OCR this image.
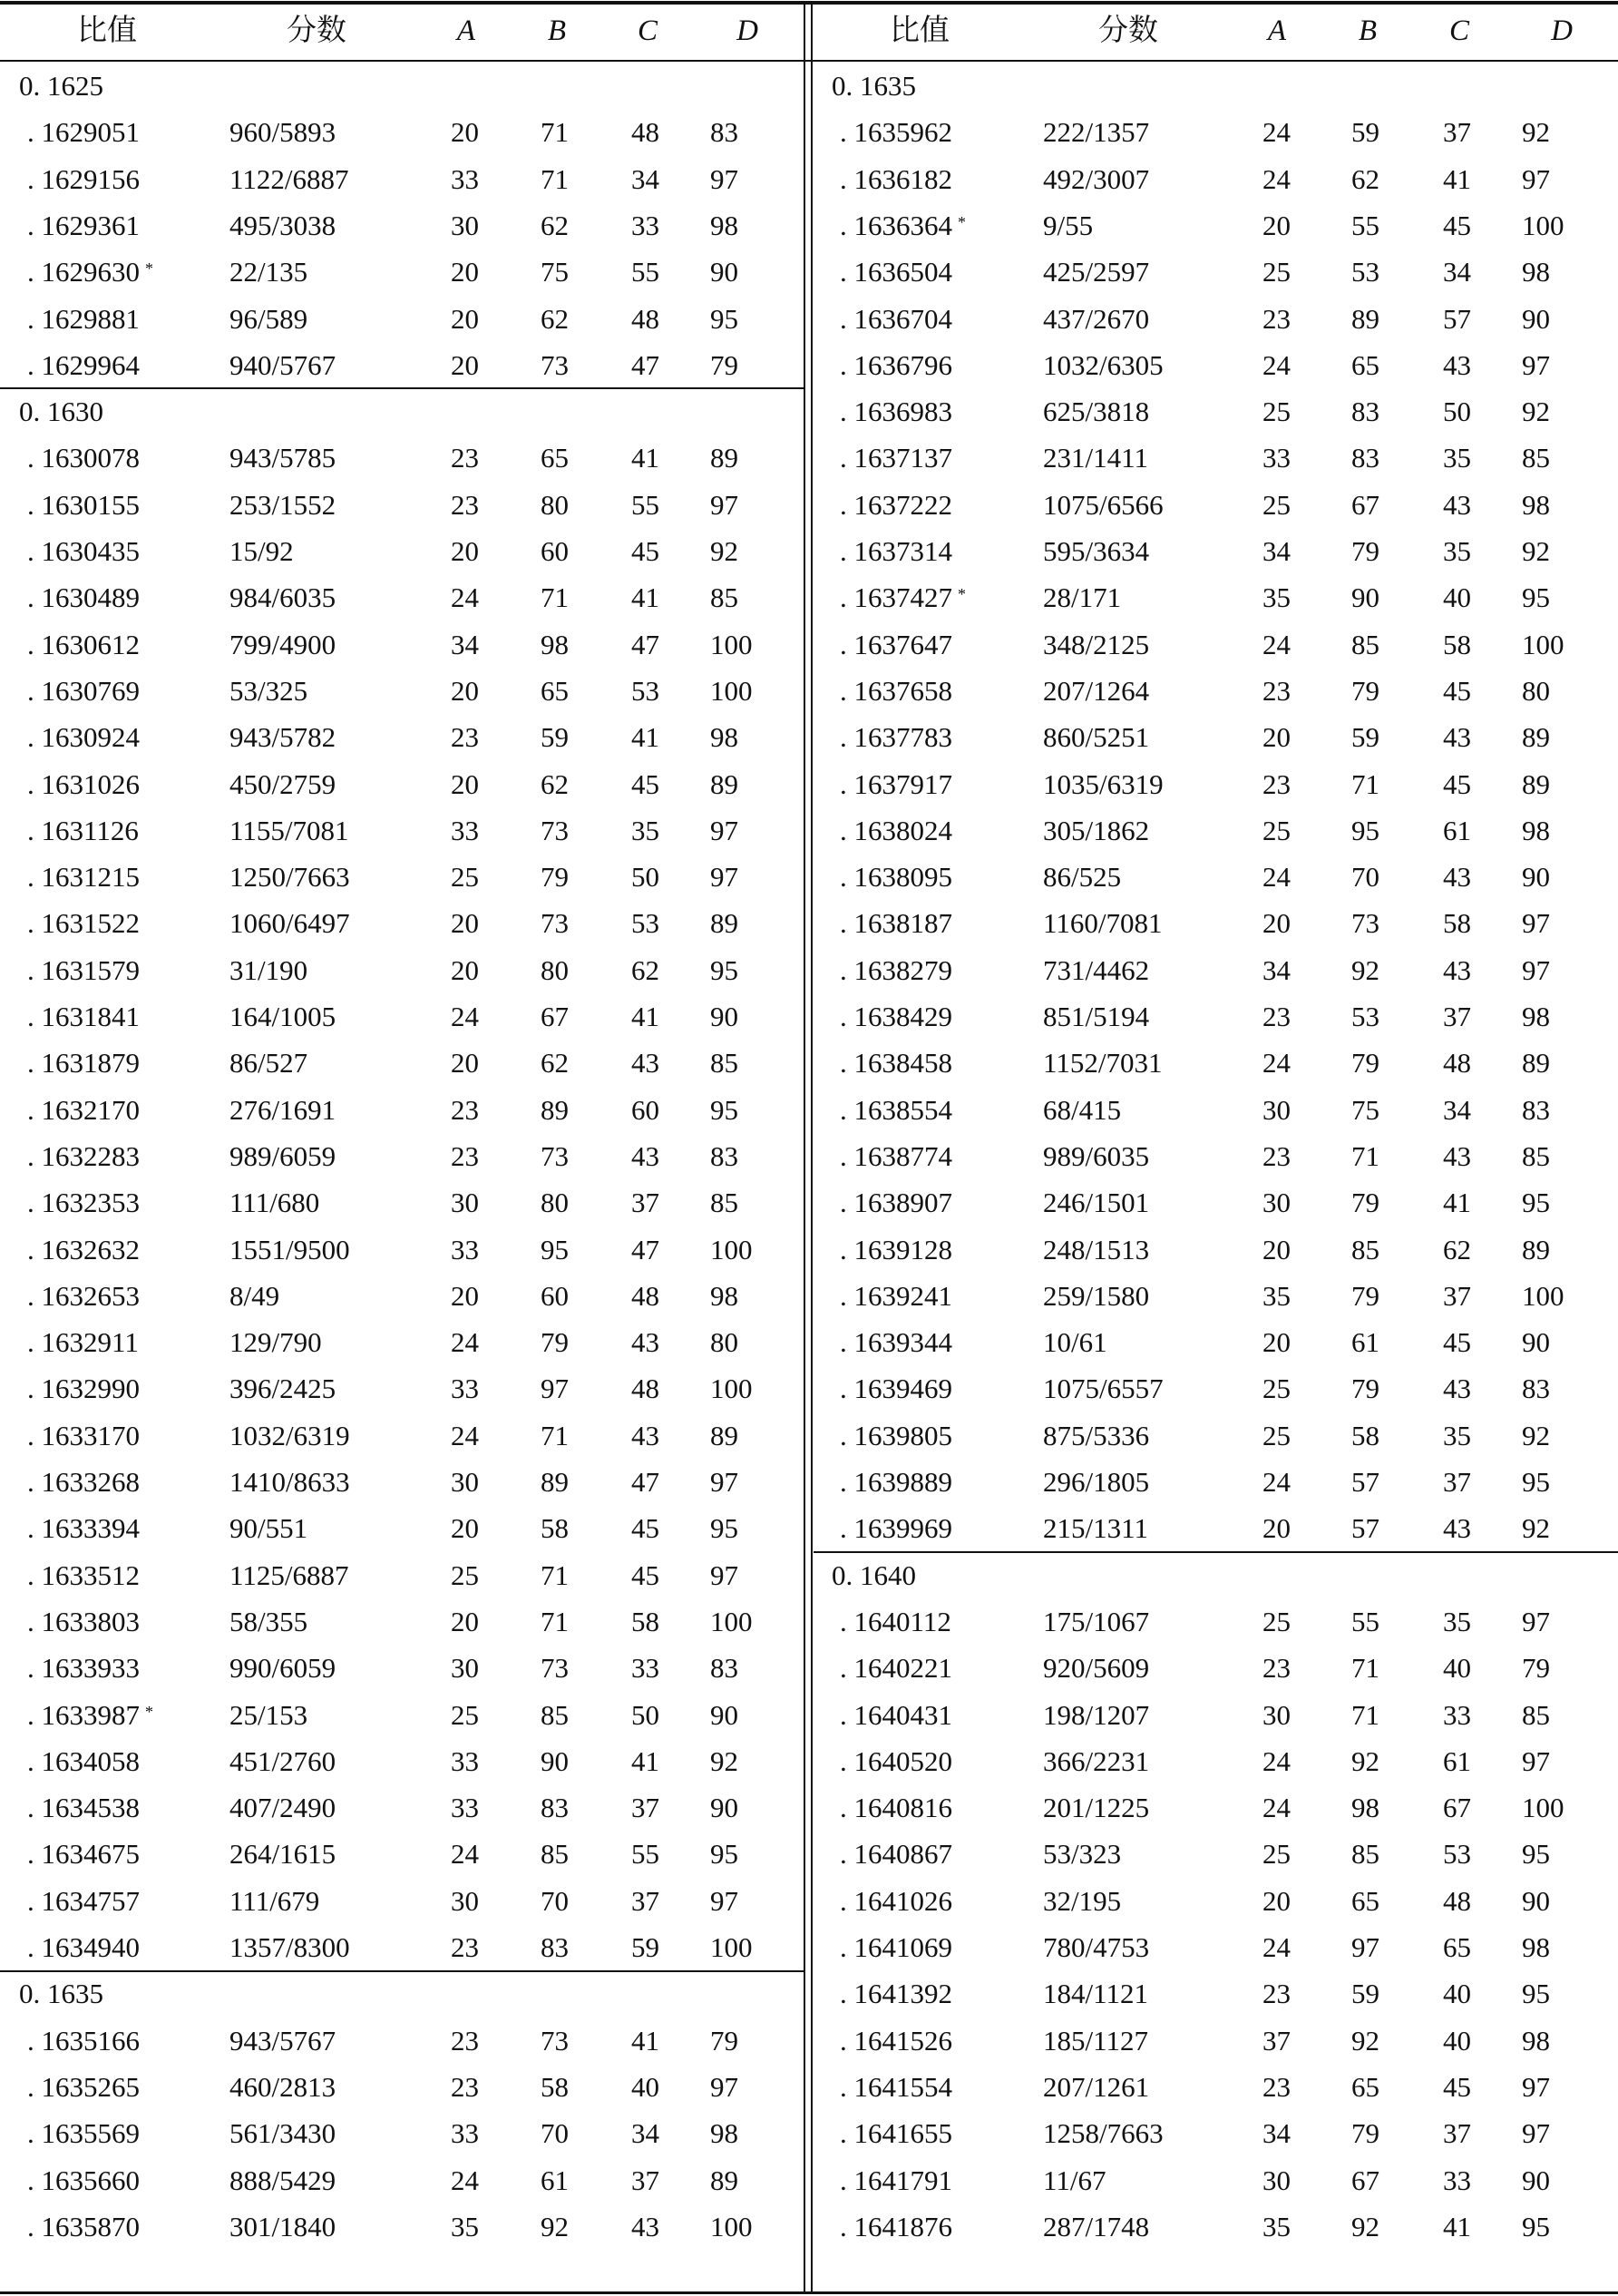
比值	分数	A B C	D
0. 1625
. 1629051	960/5893	20 71 48 83
. 1629156	1122/6887	33 71 34 97
. 1629361	495/3038	30 62 33 98
. 1629630 *	22/135	20 75 55 90
. 1629881	96/589	20 62 48 95
. 1629964	940/5767	20 73 47 79
0. 1630
. 1630078	943/5785	23 65 41 89
. 1630155	253/1552	23 80 55 97
. 1630435	15/92	20 60 45 92
. 1630489	984/6035	24 71 41 85
. 1630612	799/4900	34 98 47 100
. 1630769	53/325	20 65 53 100
. 1630924	943/5782	23 59 41 98
. 1631026	450/2759	20 62 45 89
. 1631126	1155/7081	33 73 35 97
. 1631215	1250/7663	25 79 50 97
. 1631522	1060/6497	20 73 53 89
. 1631579	31/190	20 80 62 95
. 1631841	164/1005	24 67 41 90
. 1631879	86/527	20 62 43 85
. 1632170	276/1691	23 89 60 95
. 1632283	989/6059	23 73 43 83
. 1632353	111/680	30 80 37 85
. 1632632	1551/9500	33 95 47 100
. 1632653	8/49	20 60 48 98
. 1632911	129/790	24 79 43 80
. 1632990	396/2425	33 97 48 100
. 1633170	1032/6319	24 71 43 89
. 1633268	1410/8633	30 89 47 97
. 1633394	90/551	20 58 45 95
. 1633512	1125/6887	25 71 45 97
. 1633803	58/355	20 71 58 100
. 1633933	990/6059	30 73 33 83
. 1633987 *	25/153	25 85 50 90
. 1634058	451/2760	33 90 41 92
. 1634538	407/2490	33 83 37 90
. 1634675	264/1615	24 85 55 95
. 1634757	111/679	30 70 37 97
. 1634940	1357/8300	23 83 59 100
0. 1635
. 1635166	943/5767	23 73 41 79
. 1635265	460/2813	23 58 40 97
. 1635569	561/3430	33 70 34 98
. 1635660	888/5429	24 61 37 89
. 1635870	301/1840	35 92 43 100
比值	分数	A B C	D
0. 1635
. 1635962	222/1357	24 59 37 92
. 1636182	492/3007	24 62 41 97
. 1636364 *	9/55	20 55 45 100
. 1636504	425/2597	25 53 34 98
. 1636704	437/2670	23 89 57 90
. 1636796	1032/6305	24 65 43 97
. 1636983	625/3818	25 83 50 92
. 1637137	231/1411	33 83 35 85
. 1637222	1075/6566	25 67 43 98
. 1637314	595/3634	34 79 35 92
. 1637427 *	28/171	35 90 40 95
. 1637647	348/2125	24 85 58 100
. 1637658	207/1264	23 79 45 80
. 1637783	860/5251	20 59 43 89
. 1637917	1035/6319	23 71 45 89
. 1638024	305/1862	25 95 61 98
. 1638095	86/525	24 70 43 90
. 1638187	1160/7081	20 73 58 97
. 1638279	731/4462	34 92 43 97
. 1638429	851/5194	23 53 37 98
. 1638458	1152/7031	24 79 48 89
. 1638554	68/415	30 75 34 83
. 1638774	989/6035	23 71 43 85
. 1638907	246/1501	30 79 41 95
. 1639128	248/1513	20 85 62 89
. 1639241	259/1580	35 79 37 100
. 1639344	10/61	20 61 45 90
. 1639469	1075/6557	25 79 43 83
. 1639805	875/5336	25 58 35 92
. 1639889	296/1805	24 57 37 95
. 1639969	215/1311	20 57 43 92
0. 1640
. 1640112	175/1067	25 55 35 97
. 1640221	920/5609	23 71 40 79
. 1640431	198/1207	30 71 33 85
. 1640520	366/2231	24 92 61 97
. 1640816	201/1225	24 98 67 100
. 1640867	53/323	25 85 53 95
. 1641026	32/195	20 65 48 90
. 1641069	780/4753	24 97 65 98
. 1641392	184/1121	23 59 40 95
. 1641526	185/1127	37 92 40 98
. 1641554	207/1261	23 65 45 97
. 1641655	1258/7663	34 79 37 97
. 1641791	11/67	30 67 33 90
. 1641876	287/1748	35 92 41 95
